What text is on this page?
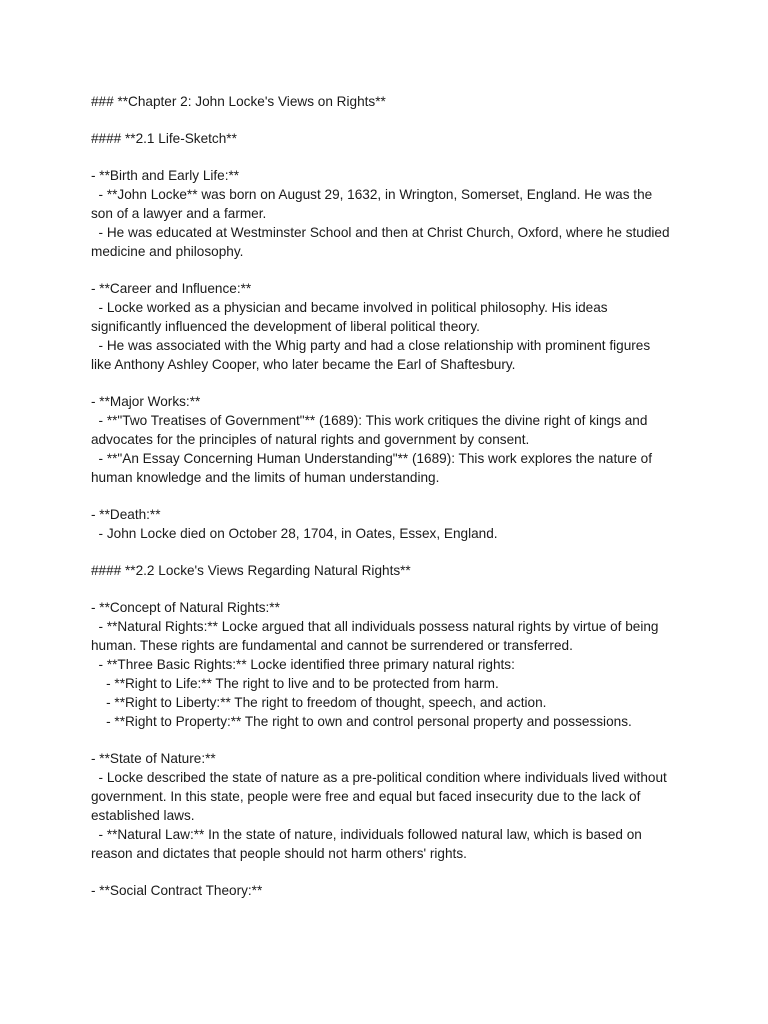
### **Chapter 2: John Locke's Views on Rights**
#### **2.1 Life-Sketch**
- **Birth and Early Life:**
- **John Locke** was born on August 29, 1632, in Wrington, Somerset, England. He was the
son of a lawyer and a farmer.
- He was educated at Westminster School and then at Christ Church, Oxford, where he studied
medicine and philosophy.
- **Career and Influence:**
- Locke worked as a physician and became involved in political philosophy. His ideas
significantly influenced the development of liberal political theory.
- He was associated with the Whig party and had a close relationship with prominent figures
like Anthony Ashley Cooper, who later became the Earl of Shaftesbury.
- **Major Works:**
- **"Two Treatises of Government"** (1689): This work critiques the divine right of kings and
advocates for the principles of natural rights and government by consent.
- **"An Essay Concerning Human Understanding"** (1689): This work explores the nature of
human knowledge and the limits of human understanding.
- **Death:**
- John Locke died on October 28, 1704, in Oates, Essex, England.
#### **2.2 Locke's Views Regarding Natural Rights**
- **Concept of Natural Rights:**
- **Natural Rights:** Locke argued that all individuals possess natural rights by virtue of being
human. These rights are fundamental and cannot be surrendered or transferred.
- **Three Basic Rights:** Locke identified three primary natural rights:
- **Right to Life:** The right to live and to be protected from harm.
- **Right to Liberty:** The right to freedom of thought, speech, and action.
- **Right to Property:** The right to own and control personal property and possessions.
- **State of Nature:**
- Locke described the state of nature as a pre-political condition where individuals lived without
government. In this state, people were free and equal but faced insecurity due to the lack of
established laws.
- **Natural Law:** In the state of nature, individuals followed natural law, which is based on
reason and dictates that people should not harm others' rights.
- **Social Contract Theory:**
